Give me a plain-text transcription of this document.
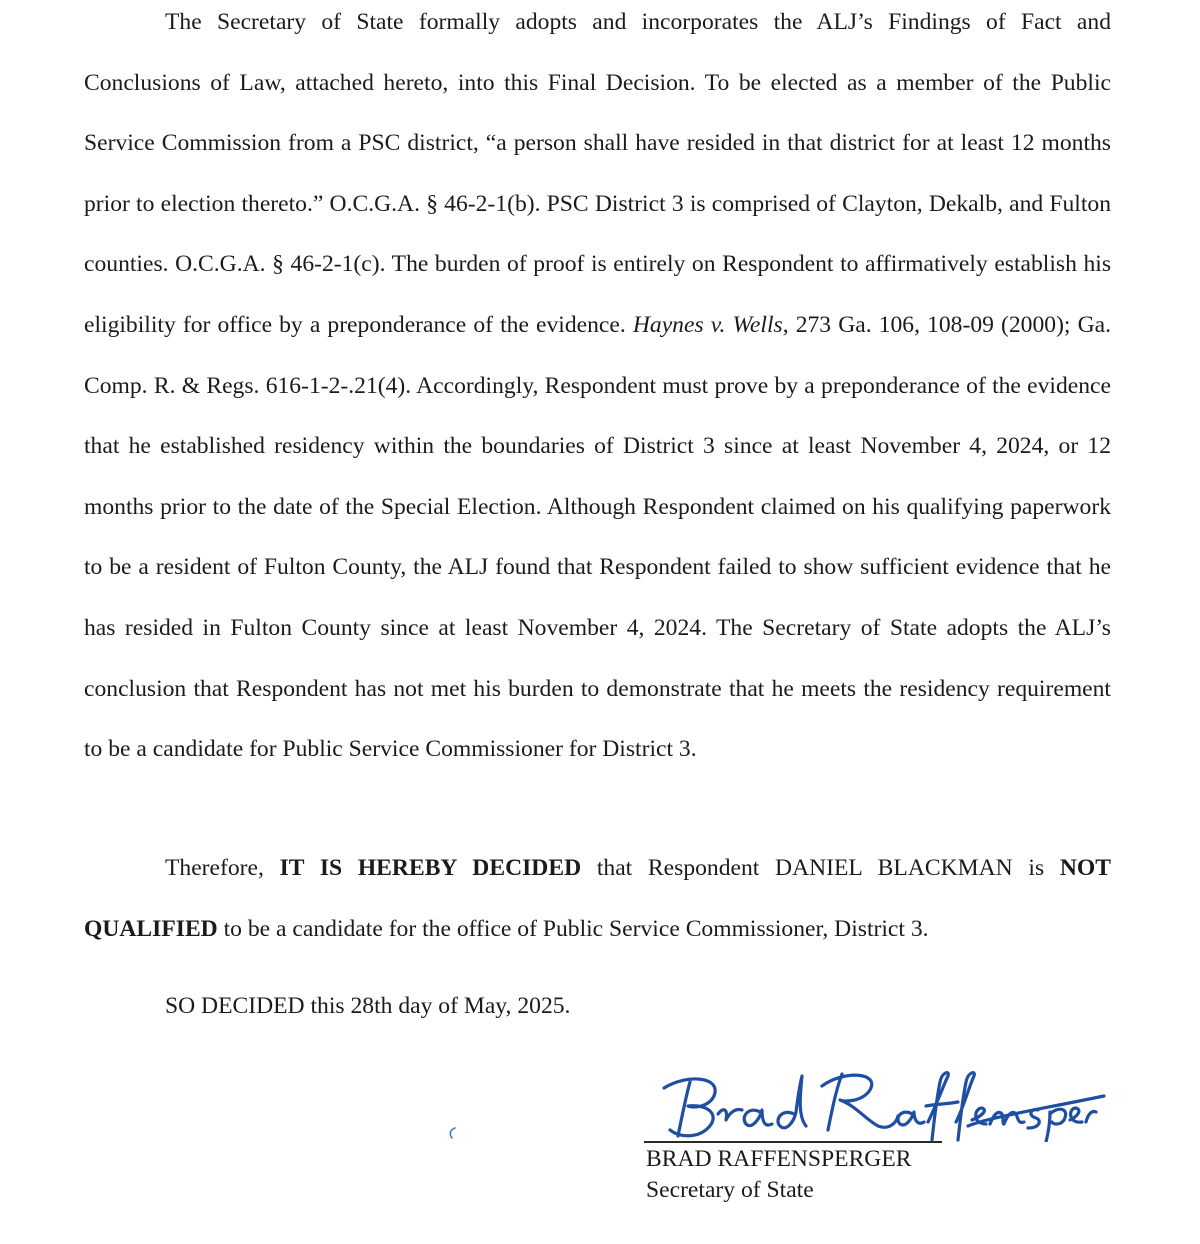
The Secretary of State formally adopts and incorporates the ALJ’s Findings of Fact and Conclusions of Law, attached hereto, into this Final Decision. To be elected as a member of the Public Service Commission from a PSC district, “a person shall have resided in that district for at least 12 months prior to election thereto.” O.C.G.A. § 46-2-1(b). PSC District 3 is comprised of Clayton, Dekalb, and Fulton counties. O.C.G.A. § 46-2-1(c). The burden of proof is entirely on Respondent to affirmatively establish his eligibility for office by a preponderance of the evidence. Haynes v. Wells, 273 Ga. 106, 108-09 (2000); Ga. Comp. R. & Regs. 616-1-2-.21(4). Accordingly, Respondent must prove by a preponderance of the evidence that he established residency within the boundaries of District 3 since at least November 4, 2024, or 12 months prior to the date of the Special Election. Although Respondent claimed on his qualifying paperwork to be a resident of Fulton County, the ALJ found that Respondent failed to show sufficient evidence that he has resided in Fulton County since at least November 4, 2024. The Secretary of State adopts the ALJ’s conclusion that Respondent has not met his burden to demonstrate that he meets the residency requirement to be a candidate for Public Service Commissioner for District 3.

Therefore, IT IS HEREBY DECIDED that Respondent DANIEL BLACKMAN is NOT QUALIFIED to be a candidate for the office of Public Service Commissioner, District 3.

SO DECIDED this 28th day of May, 2025.

BRAD RAFFENSPERGER
Secretary of State
